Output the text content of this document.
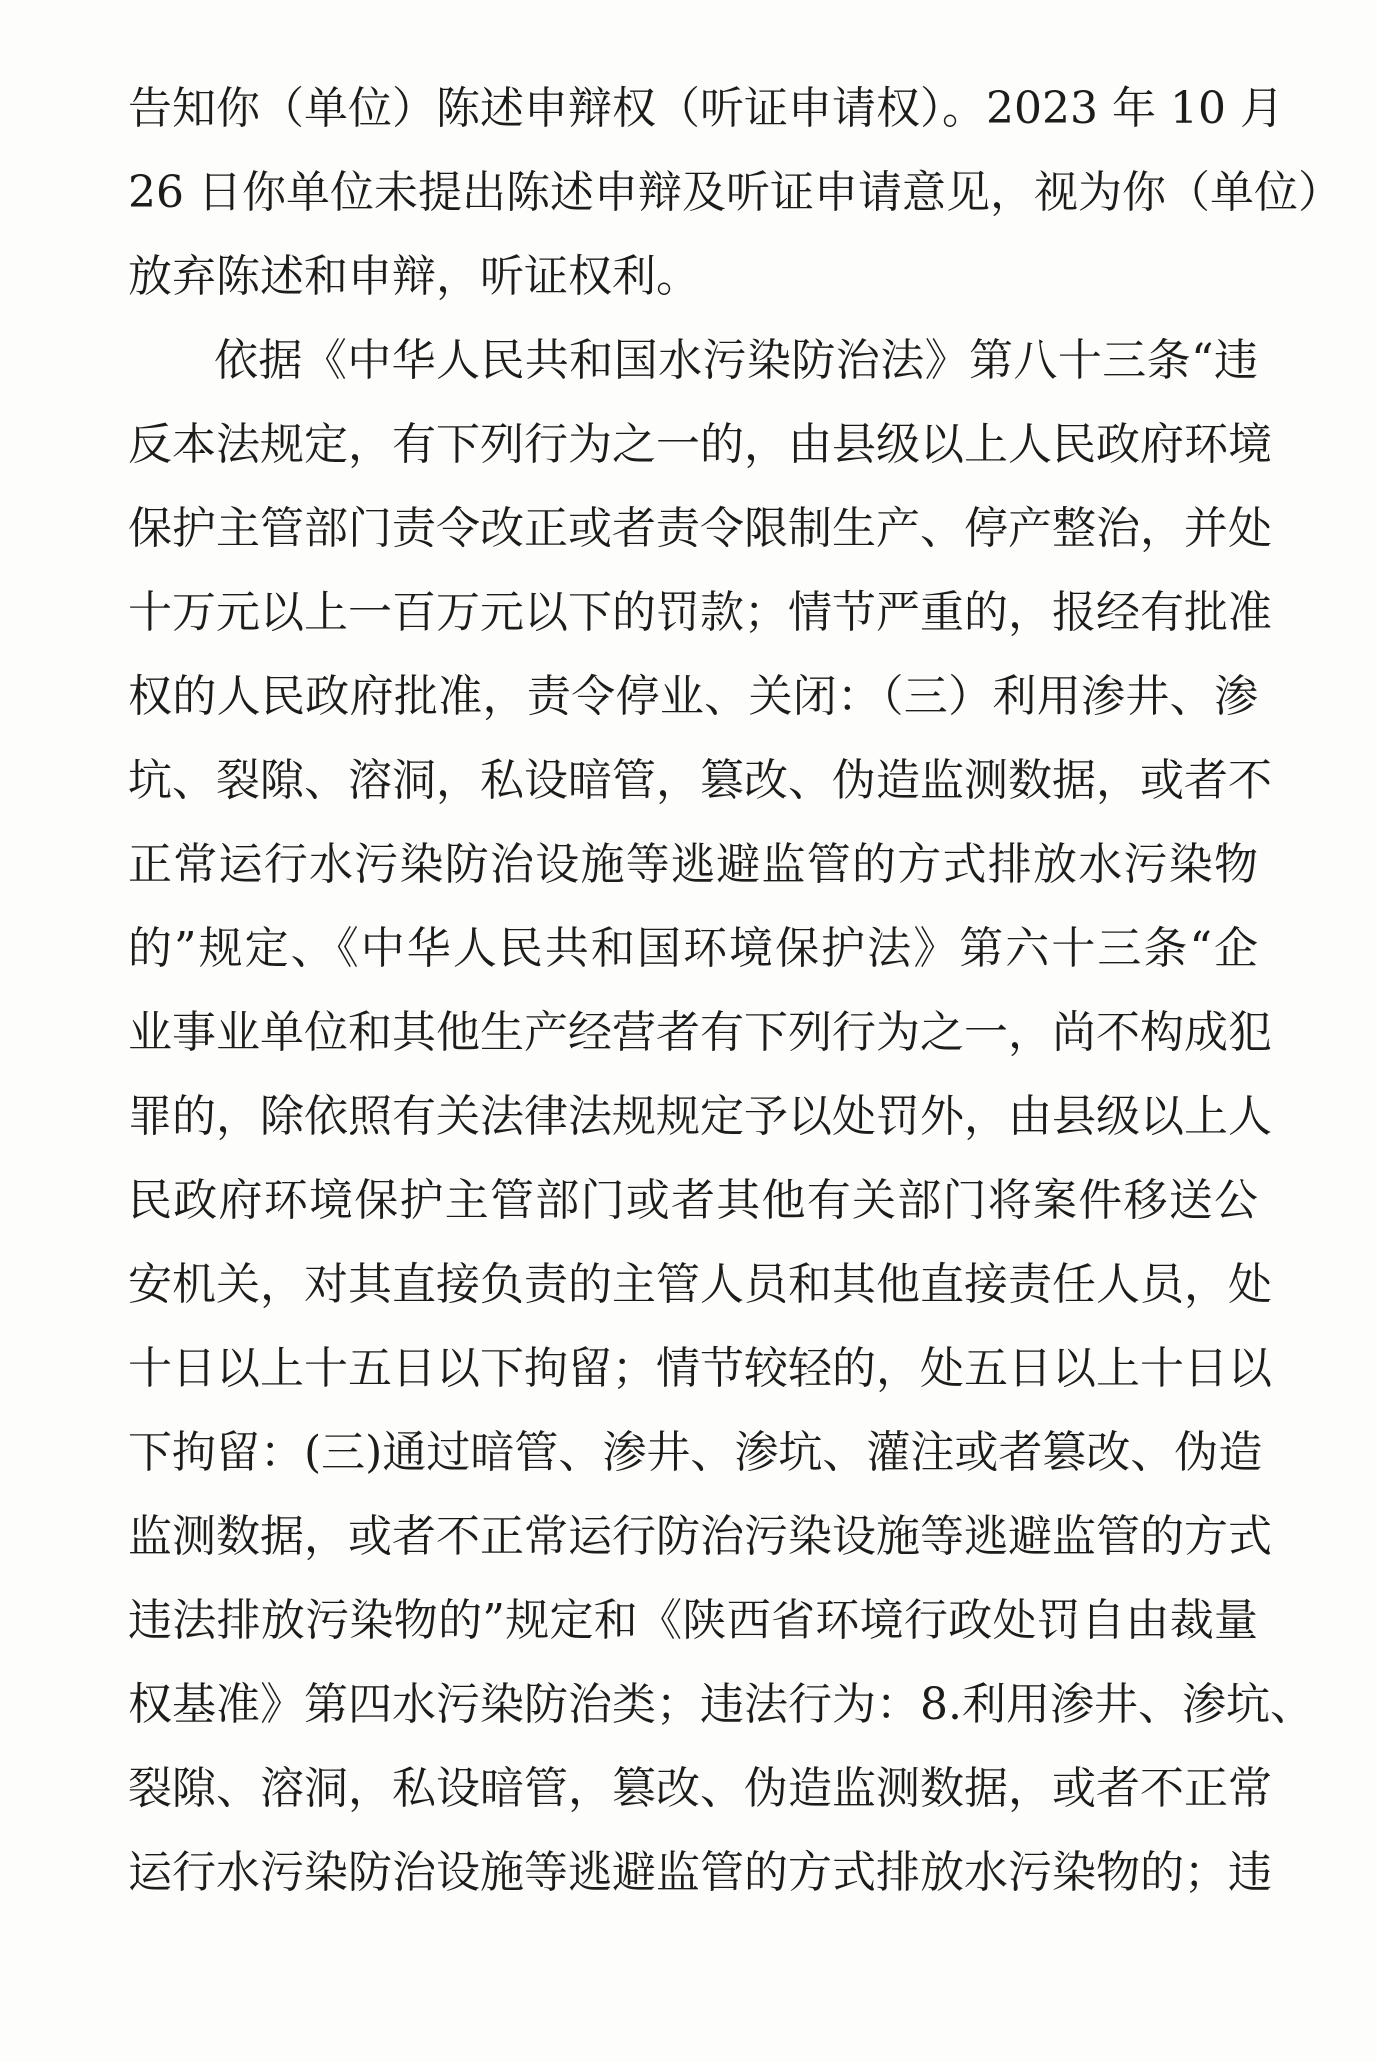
告知你（单位）陈述申辩权（听证申请权）。2023 年 10 月
26 日你单位未提出陈述申辩及听证申请意见，视为你（单位）
放弃陈述和申辩，听证权利。
依据《中华人民共和国水污染防治法》第八十三条“违
反本法规定，有下列行为之一的，由县级以上人民政府环境
保护主管部门责令改正或者责令限制生产、停产整治，并处
十万元以上一百万元以下的罚款；情节严重的，报经有批准
权的人民政府批准，责令停业、关闭：（三）利用渗井、渗
坑、裂隙、溶洞，私设暗管，篡改、伪造监测数据，或者不
正常运行水污染防治设施等逃避监管的方式排放水污染物
的”规定、《中华人民共和国环境保护法》第六十三条“企
业事业单位和其他生产经营者有下列行为之一，尚不构成犯
罪的，除依照有关法律法规规定予以处罚外，由县级以上人
民政府环境保护主管部门或者其他有关部门将案件移送公
安机关，对其直接负责的主管人员和其他直接责任人员，处
十日以上十五日以下拘留；情节较轻的，处五日以上十日以
下拘留：(三)通过暗管、渗井、渗坑、灌注或者篡改、伪造
监测数据，或者不正常运行防治污染设施等逃避监管的方式
违法排放污染物的”规定和《陕西省环境行政处罚自由裁量
权基准》第四水污染防治类；违法行为：8.利用渗井、渗坑、
裂隙、溶洞，私设暗管，篡改、伪造监测数据，或者不正常
运行水污染防治设施等逃避监管的方式排放水污染物的；违
